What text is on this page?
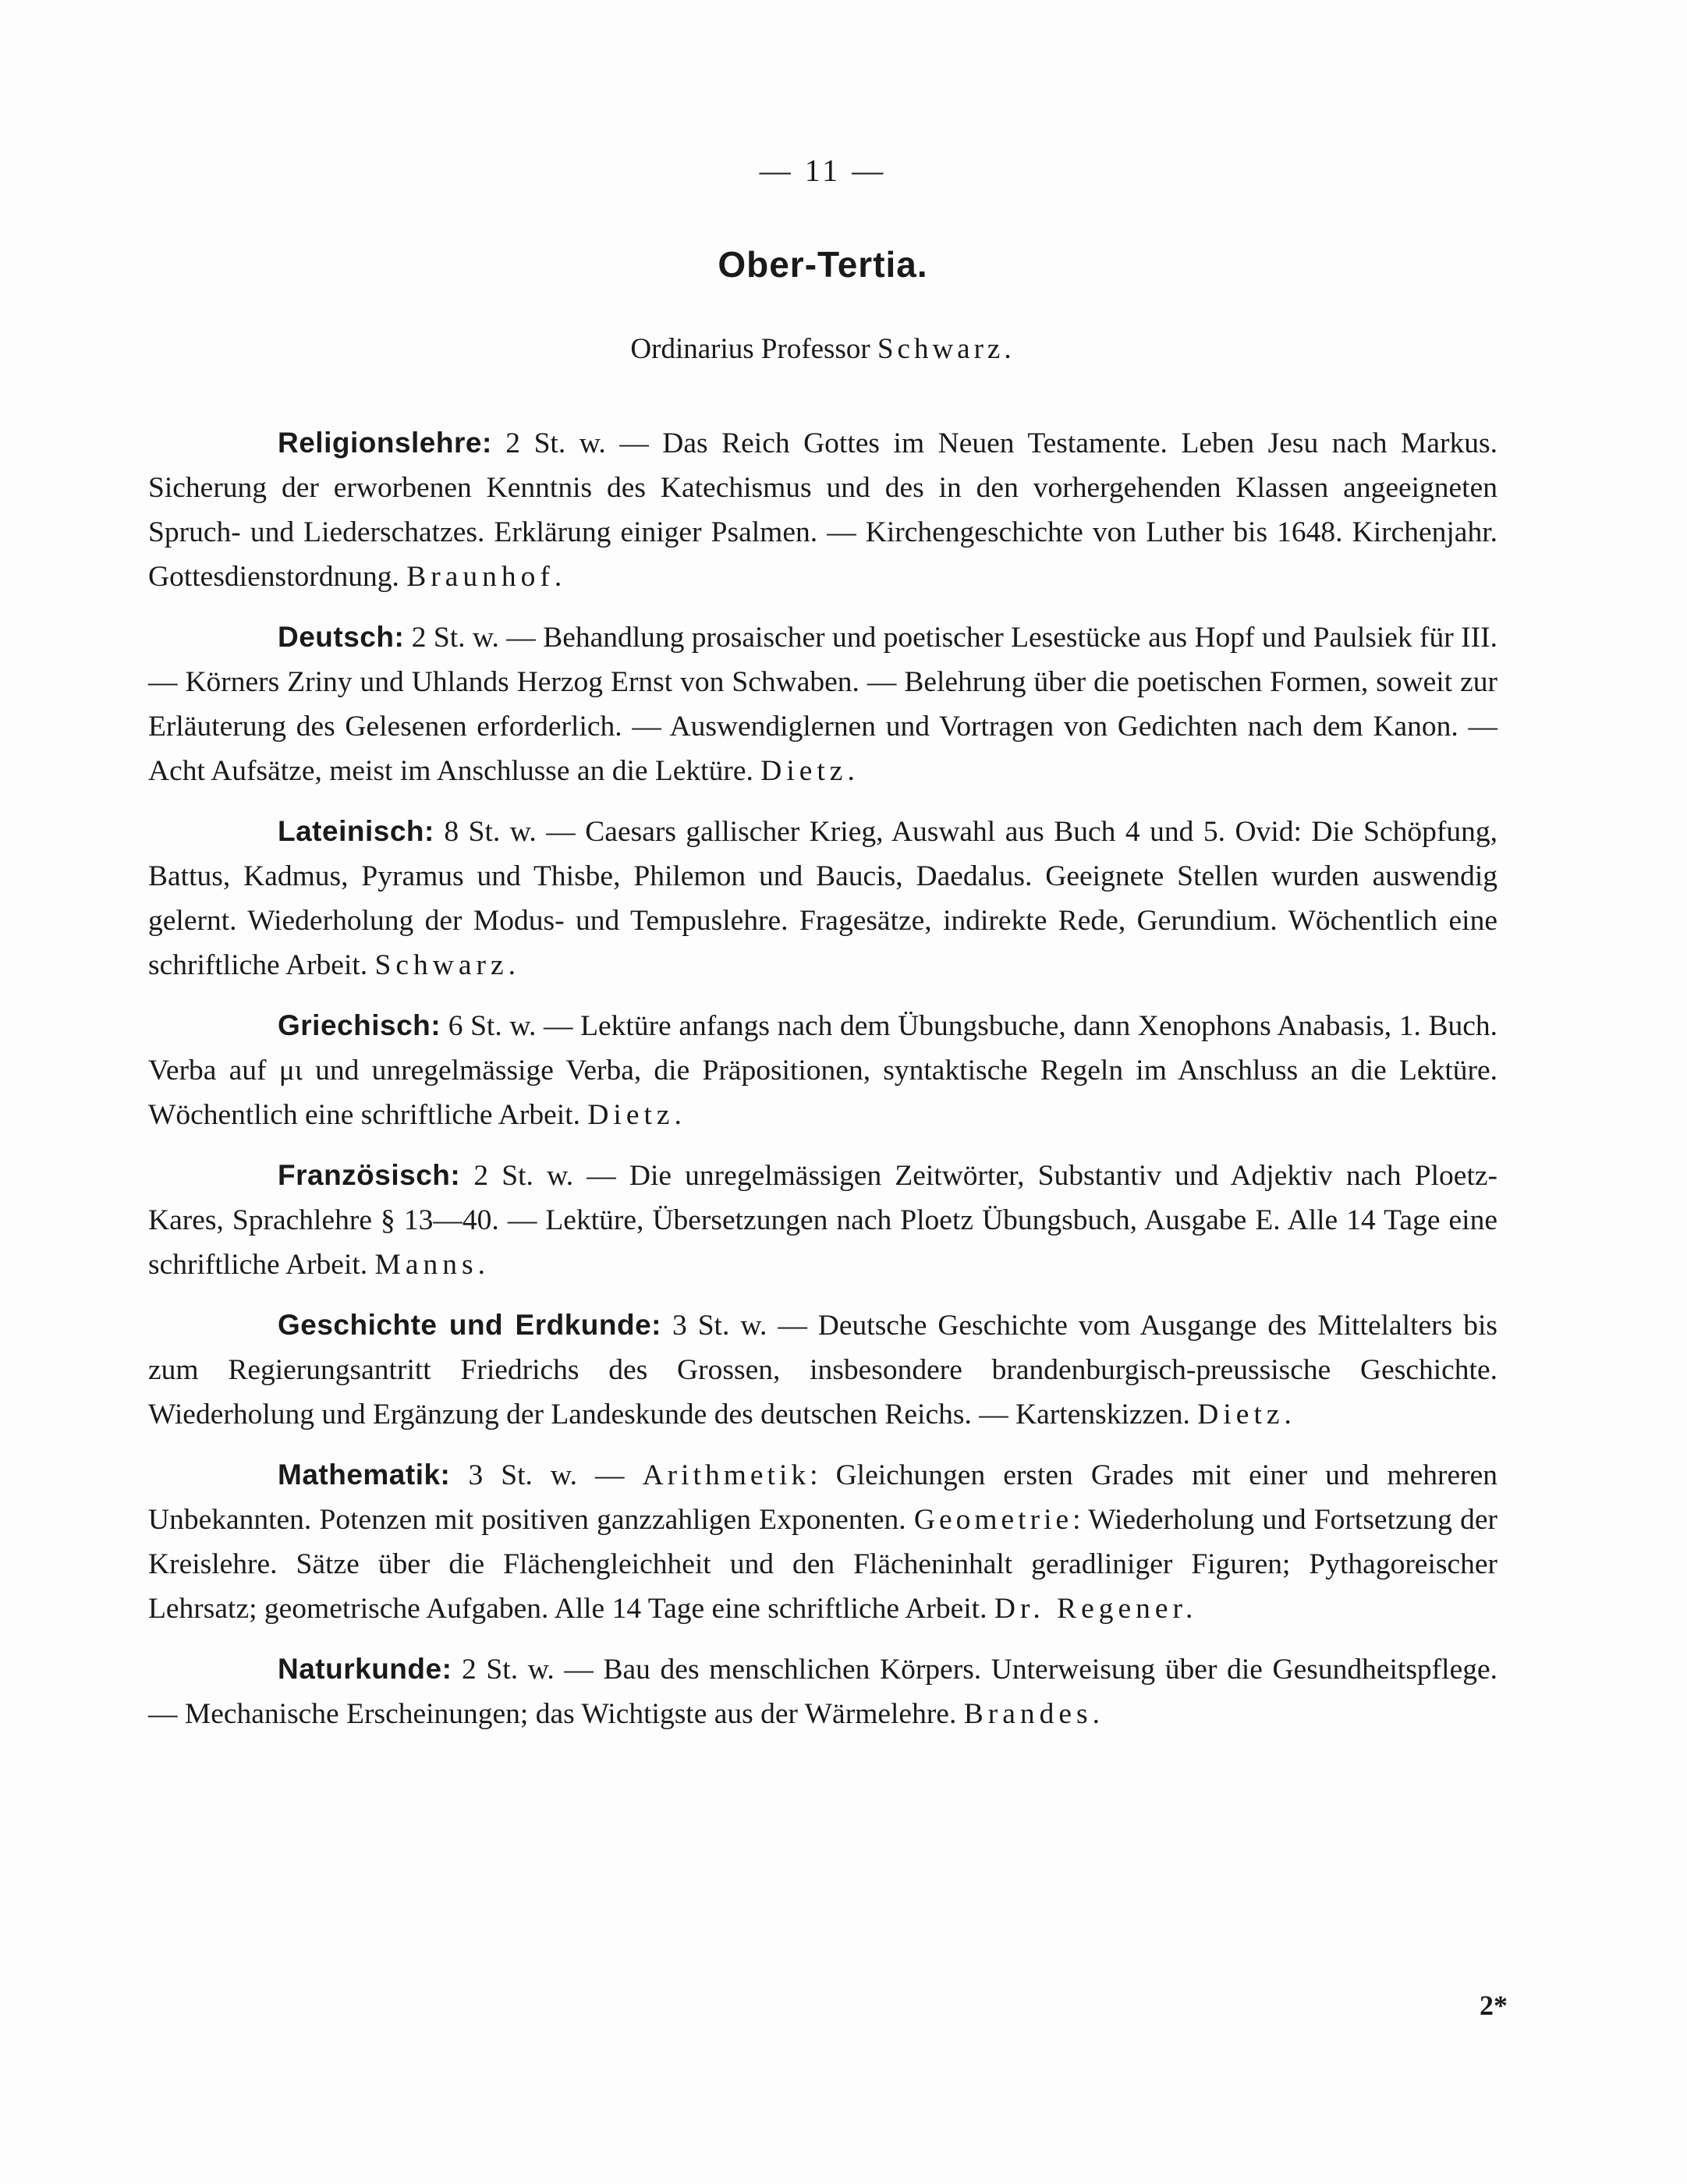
— 11 —
Ober-Tertia.
Ordinarius Professor Schwarz.

Religionslehre: 2 St. w. — Das Reich Gottes im Neuen Testamente. Leben Jesu nach Markus. Sicherung der erworbenen Kenntnis des Katechismus und des in den vorhergehenden Klassen angeeigneten Spruch- und Liederschatzes. Erklärung einiger Psalmen. — Kirchengeschichte von Luther bis 1648. Kirchenjahr. Gottesdienstordnung. Braunhof.

Deutsch: 2 St. w. — Behandlung prosaischer und poetischer Lesestücke aus Hopf und Paulsiek für III. — Körners Zriny und Uhlands Herzog Ernst von Schwaben. — Belehrung über die poetischen Formen, soweit zur Erläuterung des Gelesenen erforderlich. — Auswendiglernen und Vortragen von Gedichten nach dem Kanon. — Acht Aufsätze, meist im Anschlusse an die Lektüre. Dietz.

Lateinisch: 8 St. w. — Caesars gallischer Krieg, Auswahl aus Buch 4 und 5. Ovid: Die Schöpfung, Battus, Kadmus, Pyramus und Thisbe, Philemon und Baucis, Daedalus. Geeignete Stellen wurden auswendig gelernt. Wiederholung der Modus- und Tempuslehre. Fragesätze, indirekte Rede, Gerundium. Wöchentlich eine schriftliche Arbeit. Schwarz.

Griechisch: 6 St. w. — Lektüre anfangs nach dem Übungsbuche, dann Xenophons Anabasis, 1. Buch. Verba auf μι und unregelmässige Verba, die Präpositionen, syntaktische Regeln im Anschluss an die Lektüre. Wöchentlich eine schriftliche Arbeit. Dietz.

Französisch: 2 St. w. — Die unregelmässigen Zeitwörter, Substantiv und Adjektiv nach Ploetz-Kares, Sprachlehre § 13—40. — Lektüre, Übersetzungen nach Ploetz Übungsbuch, Ausgabe E. Alle 14 Tage eine schriftliche Arbeit. Manns.

Geschichte und Erdkunde: 3 St. w. — Deutsche Geschichte vom Ausgange des Mittelalters bis zum Regierungsantritt Friedrichs des Grossen, insbesondere brandenburgisch-preussische Geschichte. Wiederholung und Ergänzung der Landeskunde des deutschen Reichs. — Kartenskizzen. Dietz.

Mathematik: 3 St. w. — Arithmetik: Gleichungen ersten Grades mit einer und mehreren Unbekannten. Potenzen mit positiven ganzzahligen Exponenten. Geometrie: Wiederholung und Fortsetzung der Kreislehre. Sätze über die Flächengleichheit und den Flächeninhalt geradliniger Figuren; Pythagoreischer Lehrsatz; geometrische Aufgaben. Alle 14 Tage eine schriftliche Arbeit. Dr. Regener.

Naturkunde: 2 St. w. — Bau des menschlichen Körpers. Unterweisung über die Gesundheitspflege. — Mechanische Erscheinungen; das Wichtigste aus der Wärmelehre. Brandes.

2*
